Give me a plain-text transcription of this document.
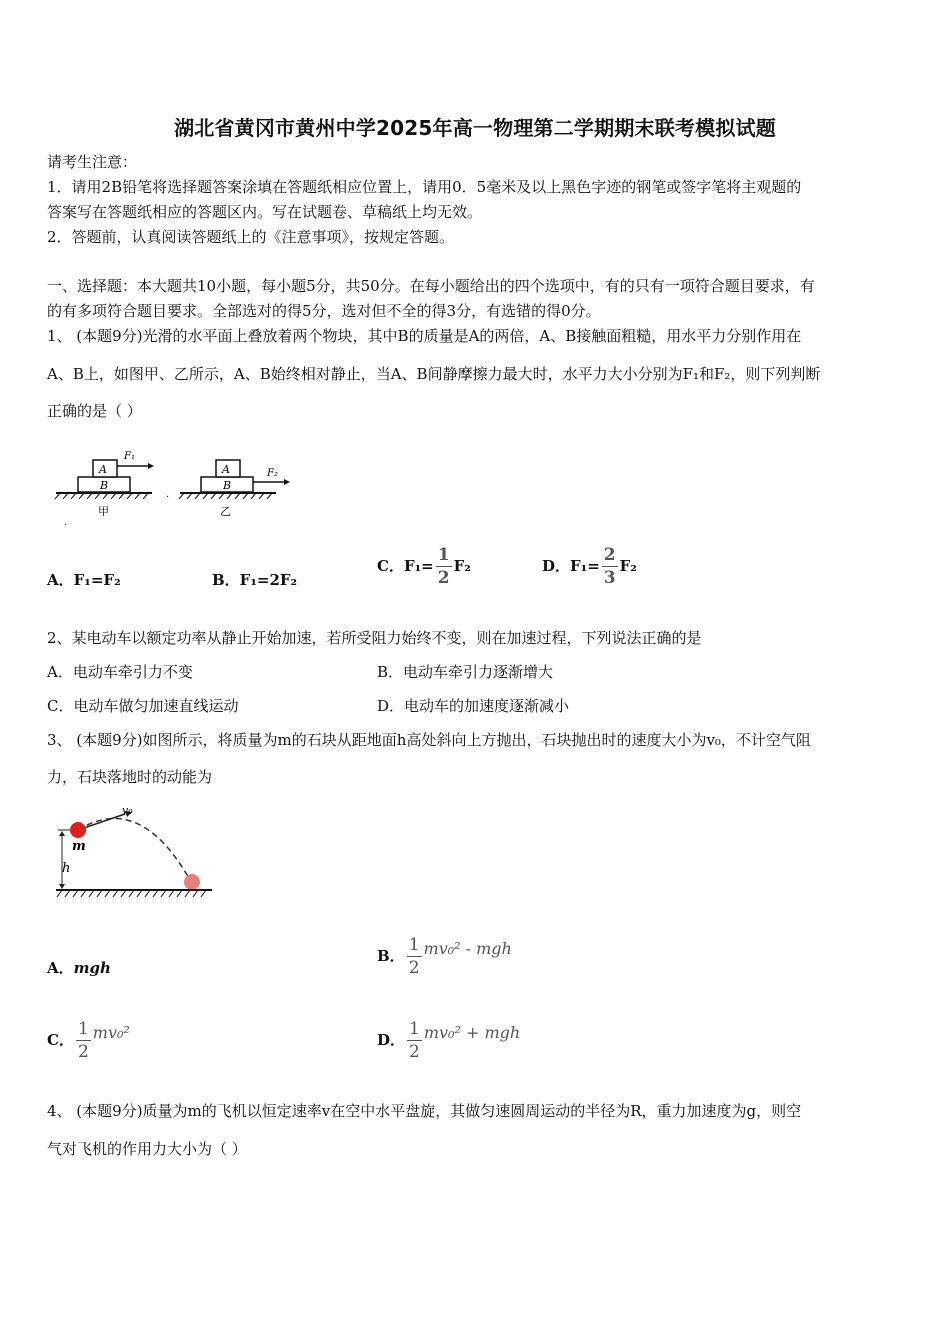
湖北省黄冈市黄州中学2025年高一物理第二学期期末联考模拟试题
请考生注意：
1．请用2B铅笔将选择题答案涂填在答题纸相应位置上，请用0．5毫米及以上黑色字迹的钢笔或签字笔将主观题的
答案写在答题纸相应的答题区内。写在试题卷、草稿纸上均无效。
2．答题前，认真阅读答题纸上的《注意事项》，按规定答题。
一、选择题：本大题共10小题，每小题5分，共50分。在每小题给出的四个选项中，有的只有一项符合题目要求，有
的有多项符合题目要求。全部选对的得5分，选对但不全的得3分，有选错的得0分。
1、 (本题9分)光滑的水平面上叠放着两个物块，其中B的质量是A的两倍，A、B接触面粗糙，用水平力分别作用在
A、B上，如图甲、乙所示，A、B始终相对静止，当A、B间静摩擦力最大时，水平力大小分别为F₁和F₂，则下列判断
正确的是（ ）
A
B
F₁
甲
.
.
A
B
F₂
乙
A．F₁=F₂	B．F₁=2F₂
C．$F_1= \frac{1}{2} F_2$	D．$F_1= \frac{2}{3} F_2$
2、某电动车以额定功率从静止开始加速，若所受阻力始终不变，则在加速过程，下列说法正确的是
A．电动车牵引力不变	B．电动车牵引力逐渐增大
C．电动车做匀加速直线运动	D．电动车的加速度逐渐减小
3、 (本题9分)如图所示，将质量为m的石块从距地面h高处斜向上方抛出，石块抛出时的速度大小为v₀，不计空气阻
力，石块落地时的动能为
v₀
m
h
A．mgh
B． $\frac{1}{2} mv_0^2$ - mgh
C． $\frac{1}{2} mv_0^2$	D． $\frac{1}{2} mv_0^2$ + mgh
4、 (本题9分)质量为m的飞机以恒定速率v在空中水平盘旋，其做匀速圆周运动的半径为R，重力加速度为g，则空
气对飞机的作用力大小为（ ）
